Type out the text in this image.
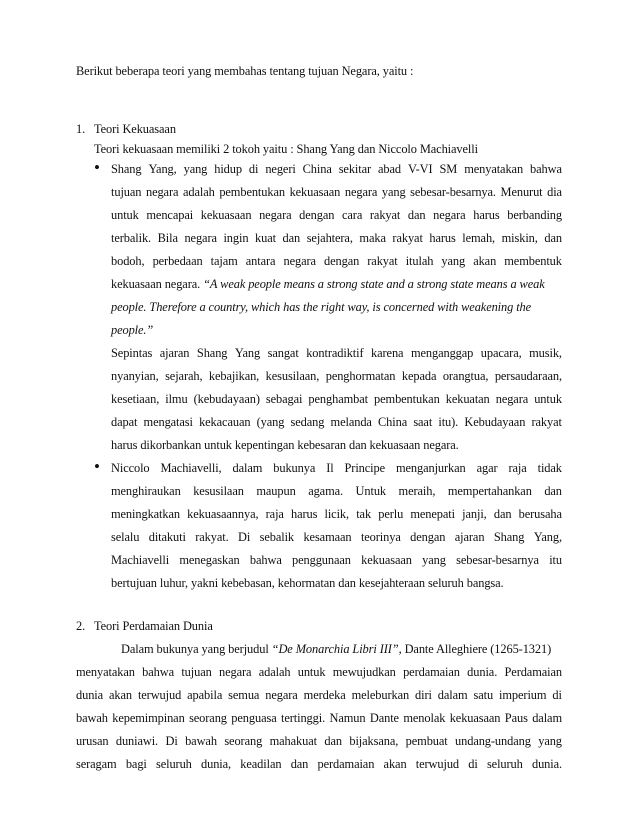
Berikut beberapa teori yang membahas tentang tujuan Negara, yaitu :
1. Teori Kekuasaan
Teori kekuasaan memiliki 2 tokoh yaitu : Shang Yang dan Niccolo Machiavelli
•
Shang Yang, yang hidup di negeri China sekitar abad V-VI SM menyatakan bahwa
tujuan negara adalah pembentukan kekuasaan negara yang sebesar-besarnya. Menurut dia
untuk mencapai kekuasaan negara dengan cara rakyat dan negara harus berbanding
terbalik. Bila negara ingin kuat dan sejahtera, maka rakyat harus lemah, miskin, dan
bodoh, perbedaan tajam antara negara dengan rakyat itulah yang akan membentuk
kekuasaan negara. “A weak people means a strong state and a strong state means a weak
people. Therefore a country, which has the right way, is concerned with weakening the
people.”
Sepintas ajaran Shang Yang sangat kontradiktif karena menganggap upacara, musik,
nyanyian, sejarah, kebajikan, kesusilaan, penghormatan kepada orangtua, persaudaraan,
kesetiaan, ilmu (kebudayaan) sebagai penghambat pembentukan kekuatan negara untuk
dapat mengatasi kekacauan (yang sedang melanda China saat itu). Kebudayaan rakyat
harus dikorbankan untuk kepentingan kebesaran dan kekuasaan negara.
•
Niccolo Machiavelli, dalam bukunya Il Principe menganjurkan agar raja tidak
menghiraukan kesusilaan maupun agama. Untuk meraih, mempertahankan dan
meningkatkan kekuasaannya, raja harus licik, tak perlu menepati janji, dan berusaha
selalu ditakuti rakyat. Di sebalik kesamaan teorinya dengan ajaran Shang Yang,
Machiavelli menegaskan bahwa penggunaan kekuasaan yang sebesar-besarnya itu
bertujuan luhur, yakni kebebasan, kehormatan dan kesejahteraan seluruh bangsa.
2. Teori Perdamaian Dunia
Dalam bukunya yang berjudul “De Monarchia Libri III”, Dante Alleghiere (1265-1321)
menyatakan bahwa tujuan negara adalah untuk mewujudkan perdamaian dunia. Perdamaian
dunia akan terwujud apabila semua negara merdeka meleburkan diri dalam satu imperium di
bawah kepemimpinan seorang penguasa tertinggi. Namun Dante menolak kekuasaan Paus dalam
urusan duniawi. Di bawah seorang mahakuat dan bijaksana, pembuat undang-undang yang
seragam bagi seluruh dunia, keadilan dan perdamaian akan terwujud di seluruh dunia.
